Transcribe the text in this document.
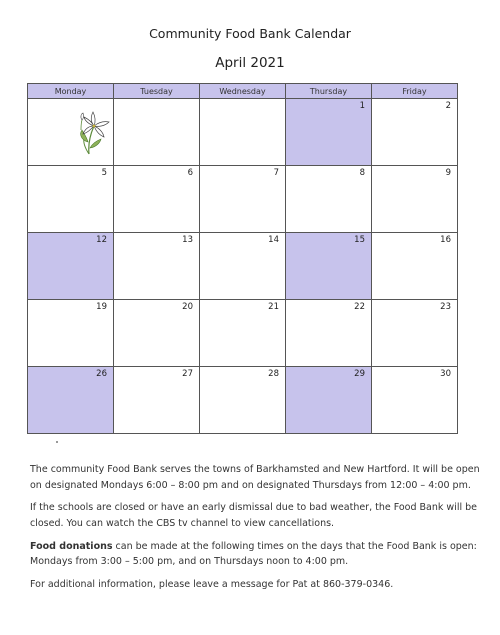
Community Food Bank Calendar
April 2021
Monday	Tuesday	Wednesday	Thursday	Friday
			1	2
5	6	7	8	9
12	13	14	15	16
19	20	21	22	23
26	27	28	29	30

The community Food Bank serves the towns of Barkhamsted and New Hartford. It will be open on designated Mondays 6:00 – 8:00 pm and on designated Thursdays from 12:00 – 4:00 pm.

If the schools are closed or have an early dismissal due to bad weather, the Food Bank will be closed. You can watch the CBS tv channel to view cancellations.

Food donations can be made at the following times on the days that the Food Bank is open: Mondays from 3:00 – 5:00 pm, and on Thursdays noon to 4:00 pm.

For additional information, please leave a message for Pat at 860-379-0346.
